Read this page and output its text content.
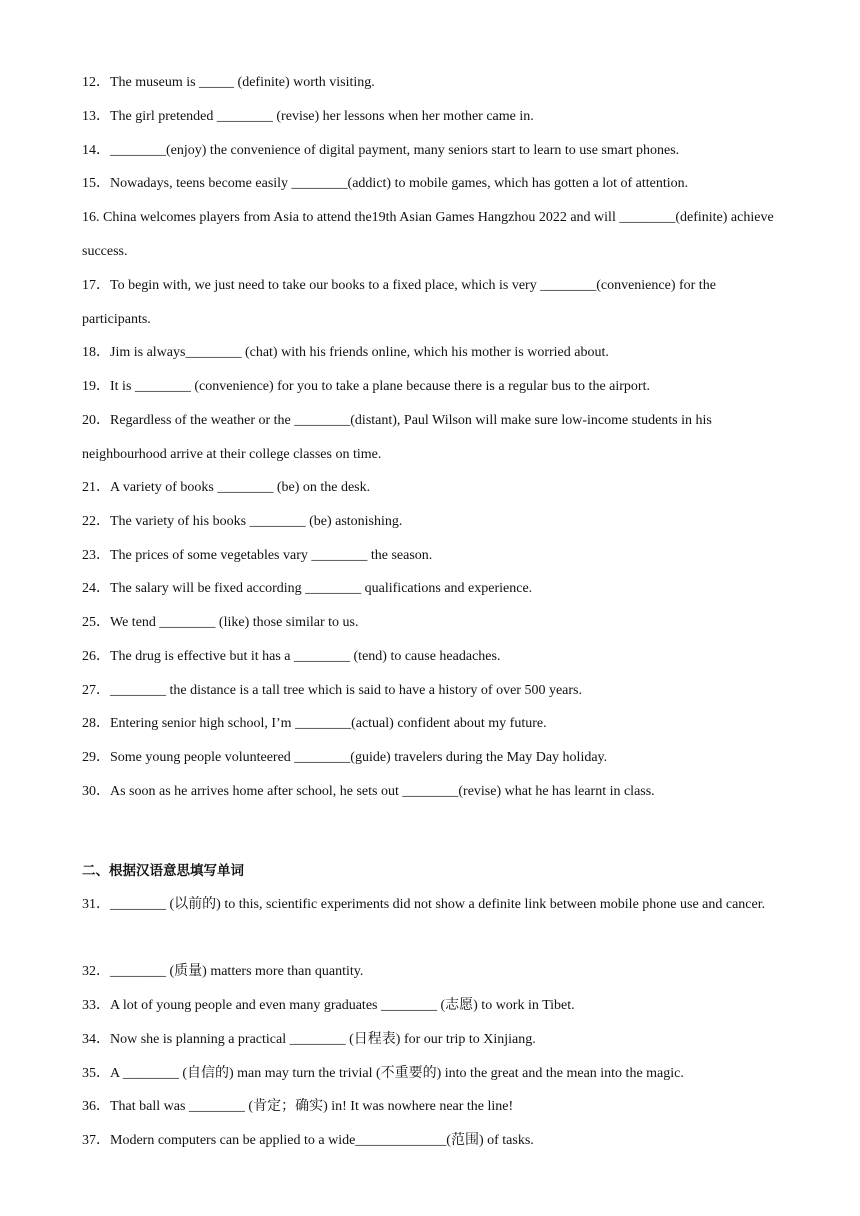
12．The museum is _____ (definite) worth visiting.
13．The girl pretended ________ (revise) her lessons when her mother came in.
14．________(enjoy) the convenience of digital payment, many seniors start to learn to use smart phones.
15．Nowadays, teens become easily ________(addict) to mobile games, which has gotten a lot of attention.
16. China welcomes players from Asia to attend the19th Asian Games Hangzhou 2022 and will ________(definite) achieve success.
17．To begin with, we just need to take our books to a fixed place, which is very ________(convenience) for the participants.
18．Jim is always________ (chat) with his friends online, which his mother is worried about.
19．It is ________ (convenience) for you to take a plane because there is a regular bus to the airport.
20．Regardless of the weather or the ________(distant), Paul Wilson will make sure low-income students in his neighbourhood arrive at their college classes on time.
21．A variety of books ________ (be) on the desk.
22．The variety of his books ________ (be) astonishing.
23．The prices of some vegetables vary ________ the season.
24．The salary will be fixed according ________ qualifications and experience.
25．We tend ________ (like) those similar to us.
26．The drug is effective but it has a ________ (tend) to cause headaches.
27．________ the distance is a tall tree which is said to have a history of over 500 years.
28．Entering senior high school, I’m ________(actual) confident about my future.
29．Some young people volunteered ________(guide) travelers during the May Day holiday.
30．As soon as he arrives home after school, he sets out ________(revise) what he has learnt in class.
二、根据汉语意思填写单词
31．________ (以前的) to this, scientific experiments did not show a definite link between mobile phone use and cancer.
32．________ (质量) matters more than quantity.
33．A lot of young people and even many graduates ________ (志愿) to work in Tibet.
34．Now she is planning a practical ________ (日程表) for our trip to Xinjiang.
35．A ________ (自信的) man may turn the trivial (不重要的) into the great and the mean into the magic.
36．That ball was ________ (肯定；确实) in! It was nowhere near the line!
37．Modern computers can be applied to a wide_____________(范围) of tasks.
